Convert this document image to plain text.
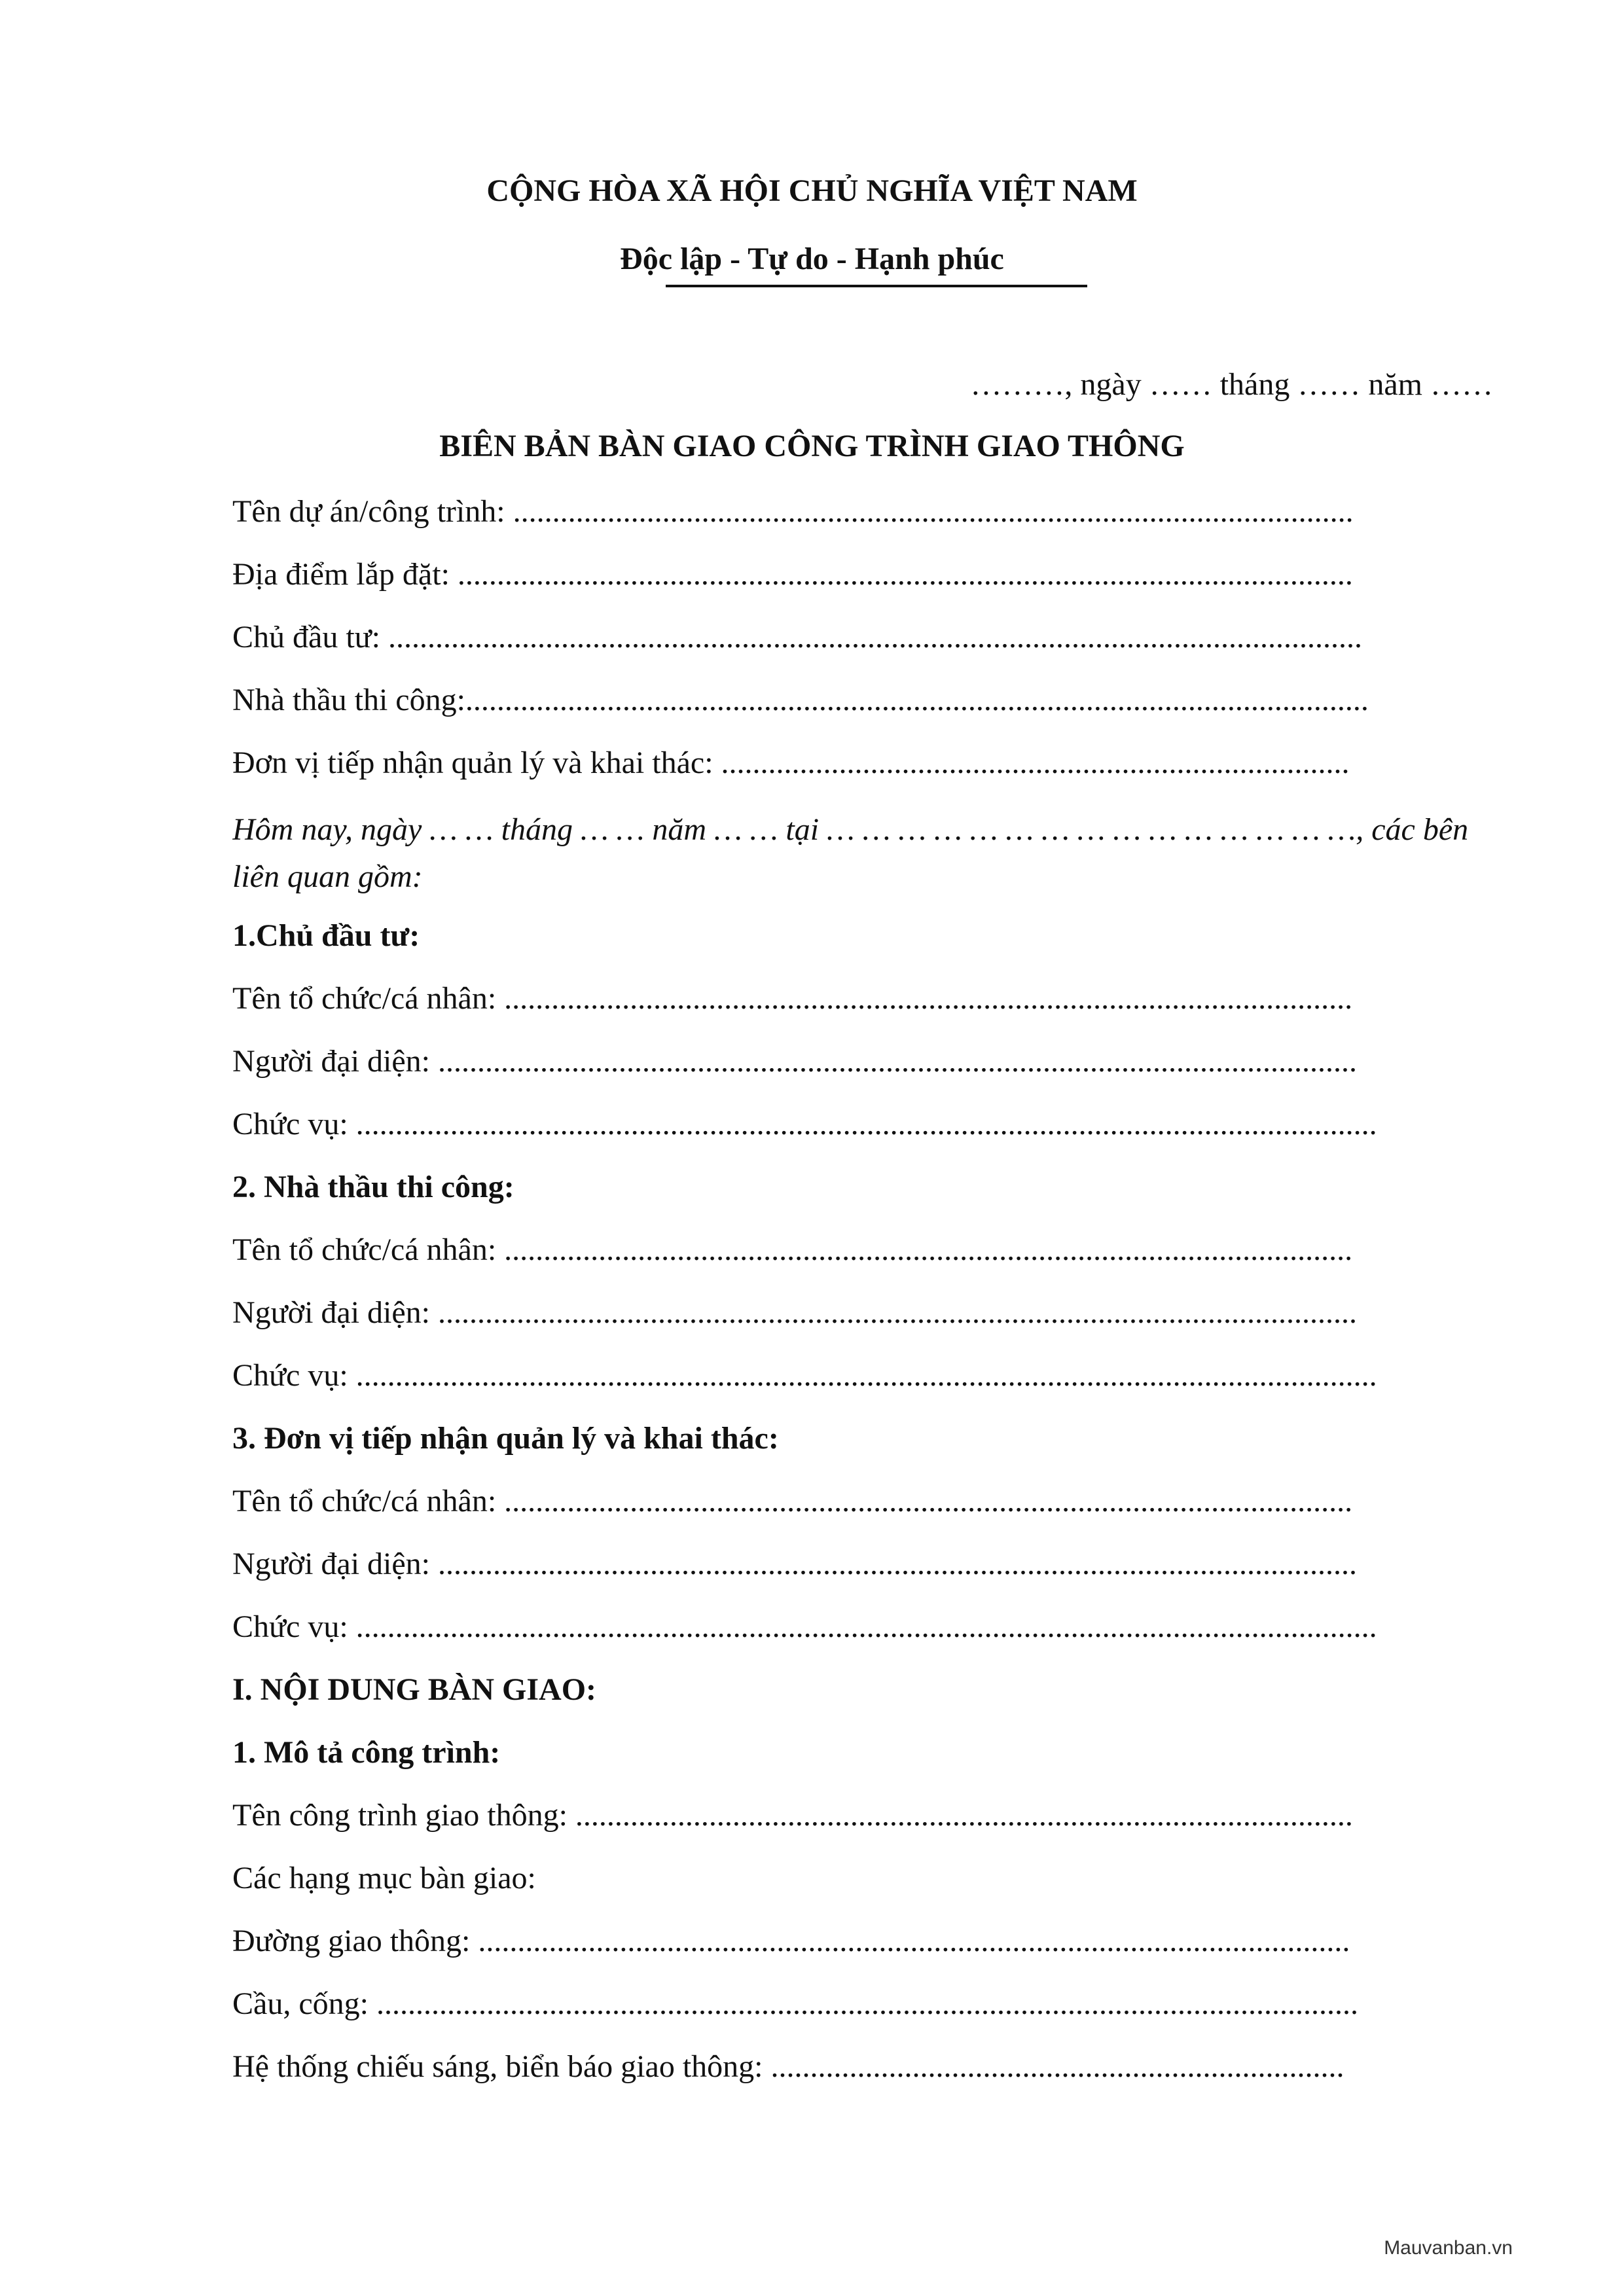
CỘNG HÒA XÃ HỘI CHỦ NGHĨA VIỆT NAM
Độc lập - Tự do - Hạnh phúc
………, ngày …… tháng …… năm ……
BIÊN BẢN BÀN GIAO CÔNG TRÌNH GIAO THÔNG
Tên dự án/công trình: ...........................................................................................................
Địa điểm lắp đặt: ..................................................................................................................
Chủ đầu tư: ............................................................................................................................
Nhà thầu thi công:...................................................................................................................
Đơn vị tiếp nhận quản lý và khai thác: ................................................................................
Hôm nay, ngày … … tháng … … năm … … tại … … … … … … … … … … … … … … …, các bên liên quan gồm:
1.Chủ đầu tư:
Tên tổ chức/cá nhân: ............................................................................................................
Người đại diện: .....................................................................................................................
Chức vụ: ..................................................................................................................................
2. Nhà thầu thi công:
Tên tổ chức/cá nhân: ............................................................................................................
Người đại diện: .....................................................................................................................
Chức vụ: ..................................................................................................................................
3. Đơn vị tiếp nhận quản lý và khai thác:
Tên tổ chức/cá nhân: ............................................................................................................
Người đại diện: .....................................................................................................................
Chức vụ: ..................................................................................................................................
I. NỘI DUNG BÀN GIAO:
1. Mô tả công trình:
Tên công trình giao thông: ...................................................................................................
Các hạng mục bàn giao:
Đường giao thông: ...............................................................................................................
Cầu, cống: .............................................................................................................................
Hệ thống chiếu sáng, biển báo giao thông: .........................................................................
Mauvanban.vn
